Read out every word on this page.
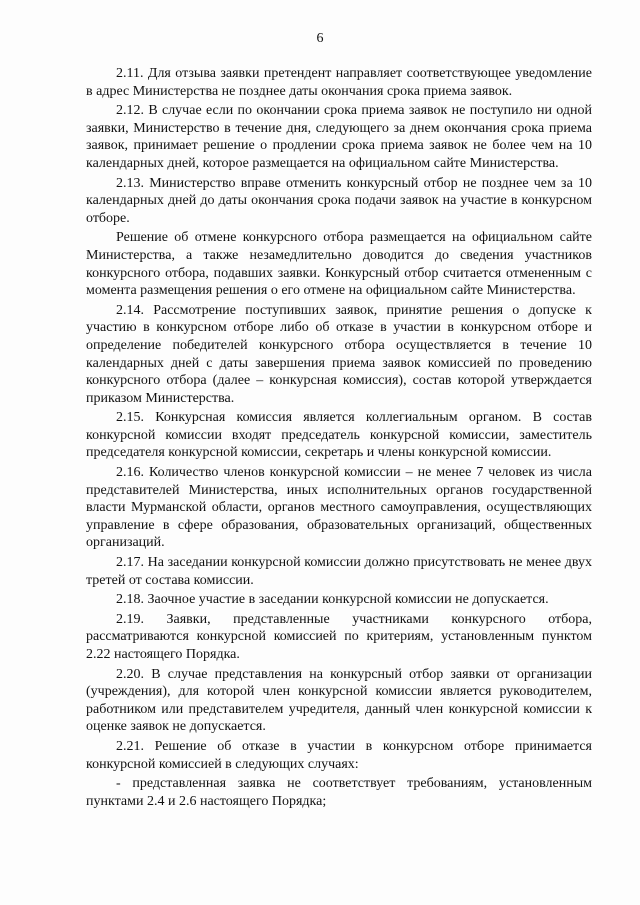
6

2.11. Для отзыва заявки претендент направляет соответствующее уведомление в адрес Министерства не позднее даты окончания срока приема заявок.

2.12. В случае если по окончании срока приема заявок не поступило ни одной заявки, Министерство в течение дня, следующего за днем окончания срока приема заявок, принимает решение о продлении срока приема заявок не более чем на 10 календарных дней, которое размещается на официальном сайте Министерства.

2.13. Министерство вправе отменить конкурсный отбор не позднее чем за 10 календарных дней до даты окончания срока подачи заявок на участие в конкурсном отборе.

Решение об отмене конкурсного отбора размещается на официальном сайте Министерства, а также незамедлительно доводится до сведения участников конкурсного отбора, подавших заявки. Конкурсный отбор считается отмененным с момента размещения решения о его отмене на официальном сайте Министерства.

2.14. Рассмотрение поступивших заявок, принятие решения о допуске к участию в конкурсном отборе либо об отказе в участии в конкурсном отборе и определение победителей конкурсного отбора осуществляется в течение 10 календарных дней с даты завершения приема заявок комиссией по проведению конкурсного отбора (далее – конкурсная комиссия), состав которой утверждается приказом Министерства.

2.15. Конкурсная комиссия является коллегиальным органом. В состав конкурсной комиссии входят председатель конкурсной комиссии, заместитель председателя конкурсной комиссии, секретарь и члены конкурсной комиссии.

2.16. Количество членов конкурсной комиссии – не менее 7 человек из числа представителей Министерства, иных исполнительных органов государственной власти Мурманской области, органов местного самоуправления, осуществляющих управление в сфере образования, образовательных организаций, общественных организаций.

2.17. На заседании конкурсной комиссии должно присутствовать не менее двух третей от состава комиссии.

2.18. Заочное участие в заседании конкурсной комиссии не допускается.

2.19. Заявки, представленные участниками конкурсного отбора, рассматриваются конкурсной комиссией по критериям, установленным пунктом 2.22 настоящего Порядка.

2.20. В случае представления на конкурсный отбор заявки от организации (учреждения), для которой член конкурсной комиссии является руководителем, работником или представителем учредителя, данный член конкурсной комиссии к оценке заявок не допускается.

2.21. Решение об отказе в участии в конкурсном отборе принимается конкурсной комиссией в следующих случаях:

- представленная заявка не соответствует требованиям, установленным пунктами 2.4 и 2.6 настоящего Порядка;
